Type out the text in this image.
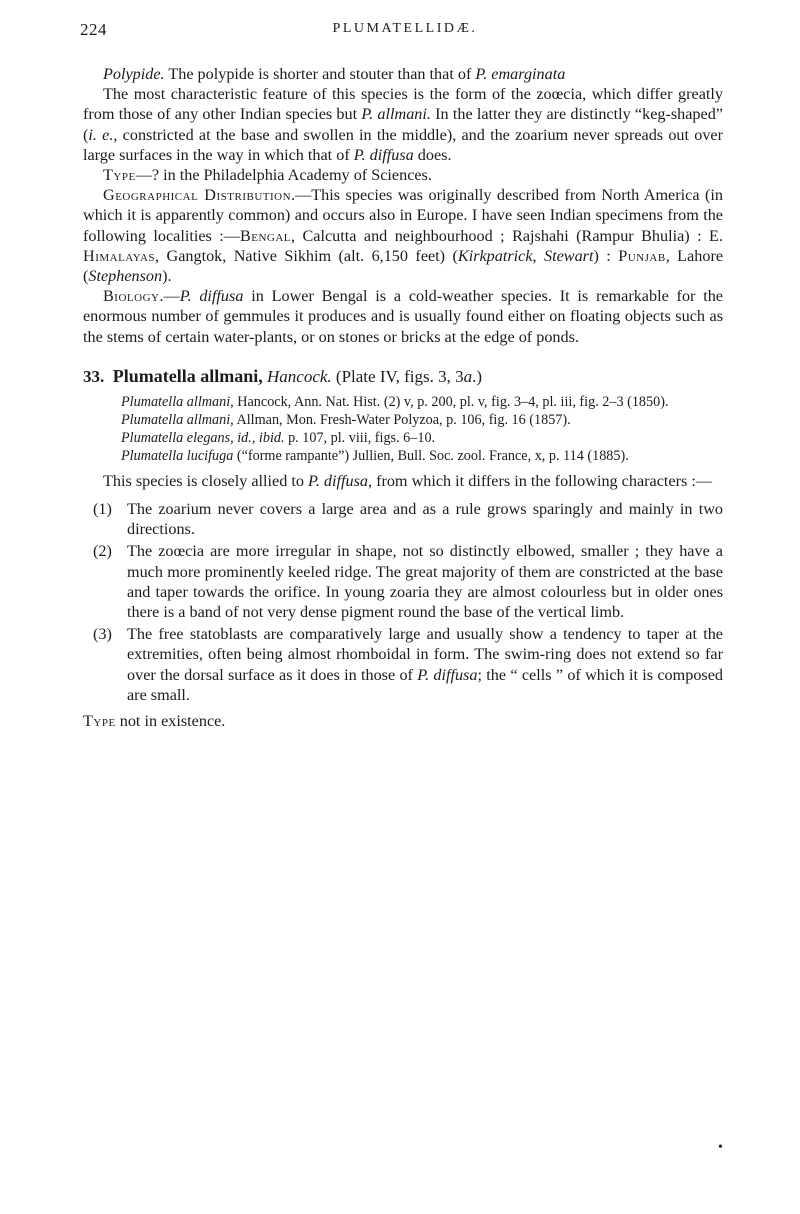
224	PLUMATELLIDÆ.

Polypide. The polypide is shorter and stouter than that of P. emarginata

The most characteristic feature of this species is the form of the zoœcia, which differ greatly from those of any other Indian species but P. allmani. In the latter they are distinctly “keg-shaped” (i. e., constricted at the base and swollen in the middle), and the zoarium never spreads out over large surfaces in the way in which that of P. diffusa does.

Type—? in the Philadelphia Academy of Sciences.

Geographical Distribution.—This species was originally described from North America (in which it is apparently common) and occurs also in Europe. I have seen Indian specimens from the following localities :—Bengal, Calcutta and neighbourhood ; Rajshahi (Rampur Bhulia) : E. Himalayas, Gangtok, Native Sikhim (alt. 6,150 feet) (Kirkpatrick, Stewart) : Punjab, Lahore (Stephenson).

Biology.—P. diffusa in Lower Bengal is a cold-weather species. It is remarkable for the enormous number of gemmules it produces and is usually found either on floating objects such as the stems of certain water-plants, or on stones or bricks at the edge of ponds.

33. Plumatella allmani, Hancock. (Plate IV, figs. 3, 3a.)

Plumatella allmani, Hancock, Ann. Nat. Hist. (2) v, p. 200, pl. v, fig. 3–4, pl. iii, fig. 2–3 (1850).

Plumatella allmani, Allman, Mon. Fresh-Water Polyzoa, p. 106, fig. 16 (1857).

Plumatella elegans, id., ibid. p. 107, pl. viii, figs. 6–10.

Plumatella lucifuga (“forme rampante”) Jullien, Bull. Soc. zool. France, x, p. 114 (1885).

This species is closely allied to P. diffusa, from which it differs in the following characters :—

(1) The zoarium never covers a large area and as a rule grows sparingly and mainly in two directions.
(2) The zoœcia are more irregular in shape, not so distinctly elbowed, smaller ; they have a much more prominently keeled ridge. The great majority of them are constricted at the base and taper towards the orifice. In young zoaria they are almost colourless but in older ones there is a band of not very dense pigment round the base of the vertical limb.
(3) The free statoblasts are comparatively large and usually show a tendency to taper at the extremities, often being almost rhomboidal in form. The swim-ring does not extend so far over the dorsal surface as it does in those of P. diffusa; the “ cells ” of which it is composed are small.

Type not in existence.

•
